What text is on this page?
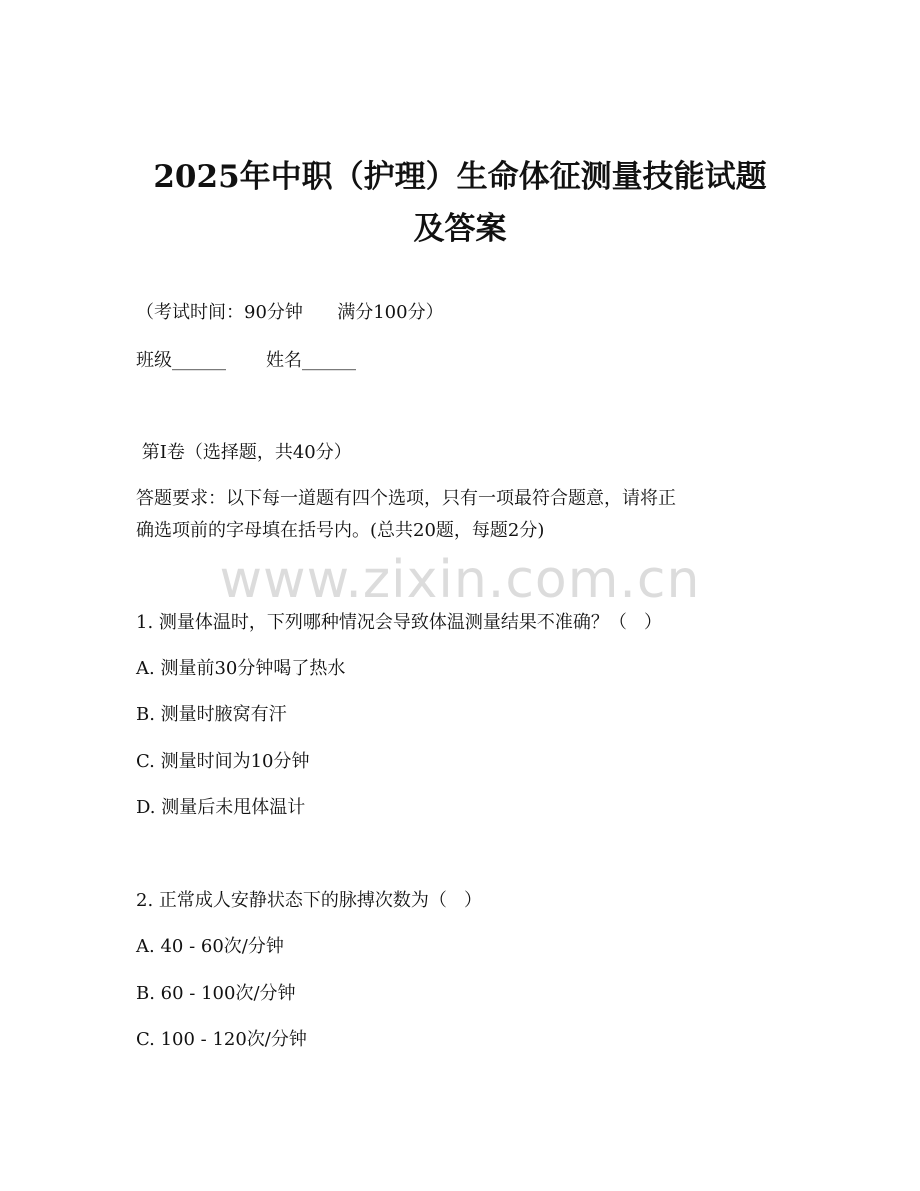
2025年中职（护理）生命体征测量技能试题
及答案
（考试时间：90分钟      满分100分）
班级______       姓名______
第Ⅰ卷（选择题，共40分）
答题要求：以下每一道题有四个选项，只有一项最符合题意，请将正
确选项前的字母填在括号内。(总共20题，每题2分)
www.zixin.com.cn
1. 测量体温时，下列哪种情况会导致体温测量结果不准确？（   ）
A. 测量前30分钟喝了热水
B. 测量时腋窝有汗
C. 测量时间为10分钟
D. 测量后未甩体温计
2. 正常成人安静状态下的脉搏次数为（   ）
A. 40 - 60次/分钟
B. 60 - 100次/分钟
C. 100 - 120次/分钟
